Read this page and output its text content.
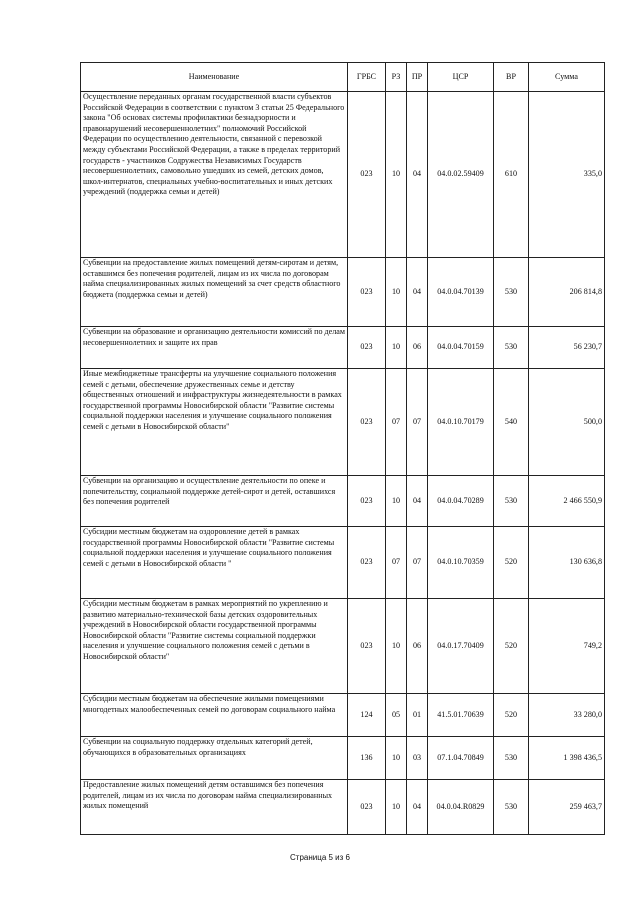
Наименование	ГРБС	РЗ	ПР	ЦСР	ВР	Сумма
Осуществление переданных органам государственной власти субъектов Российской Федерации в соответствии с пунктом 3 статьи 25 Федерального закона "Об основах системы профилактики безнадзорности и правонарушений несовершеннолетних" полномочий Российской Федерации по осуществлению деятельности, связанной с перевозкой между субъектами Российской Федерации, а также в пределах территорий государств - участников Содружества Независимых Государств несовершеннолетних, самовольно ушедших из семей, детских домов, школ-интернатов, специальных учебно-воспитательных и иных детских учреждений (поддержка семьи и детей)	023	10	04	04.0.02.59409	610	335,0
Субвенции на предоставление жилых помещений детям-сиротам и детям, оставшимся без попечения родителей, лицам из их числа по договорам найма специализированных жилых помещений за счет средств областного бюджета (поддержка семьи и детей)	023	10	04	04.0.04.70139	530	206 814,8
Субвенции на образование и организацию деятельности комиссий по делам несовершеннолетних и защите их прав	023	10	06	04.0.04.70159	530	56 230,7
Иные межбюджетные трансферты на улучшение социального положения семей с детьми, обеспечение дружественных семье и детству общественных отношений и инфраструктуры жизнедеятельности в рамках государственной программы Новосибирской области "Развитие системы социальной поддержки населения и улучшение социального положения семей с детьми в Новосибирской области"	023	07	07	04.0.10.70179	540	500,0
Субвенции на организацию и осуществление деятельности по опеке и попечительству, социальной поддержке детей-сирот и детей, оставшихся без попечения родителей	023	10	04	04.0.04.70289	530	2 466 550,9
Субсидии местным бюджетам на оздоровление детей в рамках государственной программы Новосибирской области "Развитие системы социальной поддержки населения и улучшение социального положения семей с детьми в Новосибирской области "	023	07	07	04.0.10.70359	520	130 636,8
Субсидии местным бюджетам в рамках мероприятий по укреплению и развитию материально-технической базы детских оздоровительных учреждений в Новосибирской области государственной программы Новосибирской области "Развитие системы социальной поддержки населения и улучшение социального положения семей с детьми в Новосибирской области"	023	10	06	04.0.17.70409	520	749,2
Субсидии местным бюджетам на обеспечение жилыми помещениями многодетных малообеспеченных семей по договорам социального найма	124	05	01	41.5.01.70639	520	33 280,0
Субвенции на социальную поддержку отдельных категорий детей, обучающихся в образовательных организациях	136	10	03	07.1.04.70849	530	1 398 436,5
Предоставление жилых помещений детям оставшимся без попечения родителей, лицам из их числа по договорам найма специализированных жилых помещений	023	10	04	04.0.04.R0829	530	259 463,7
Страница 5 из 6
